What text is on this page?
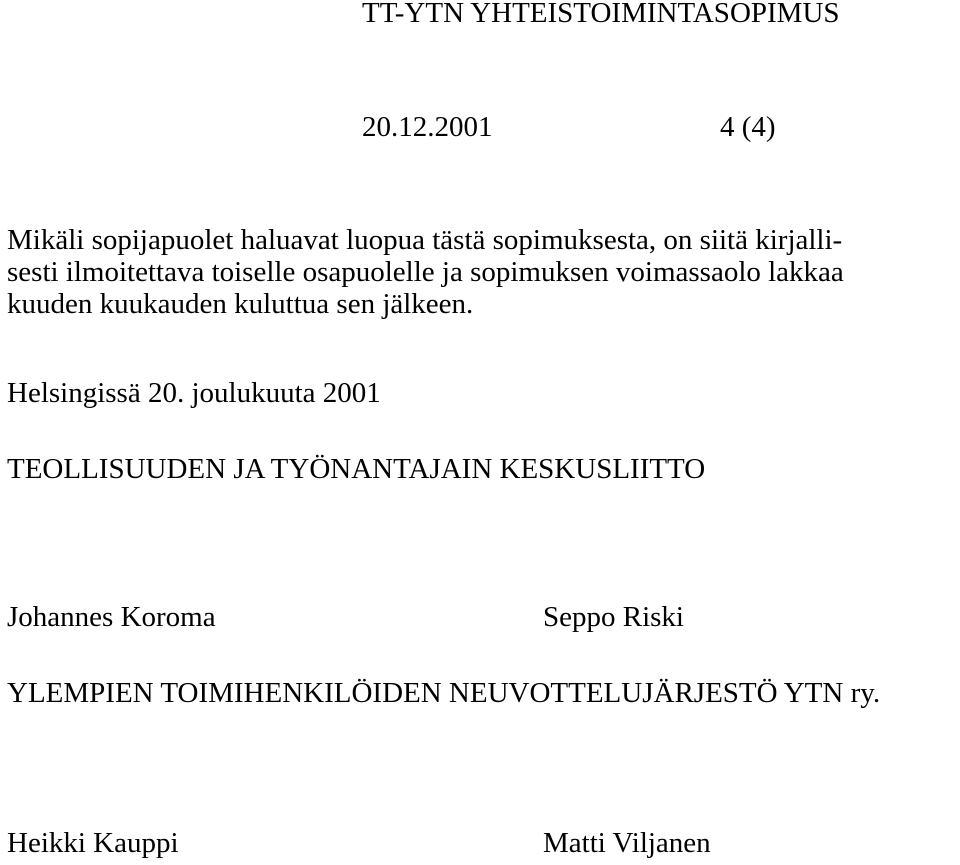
TT-YTN YHTEISTOIMINTASOPIMUS
20.12.2001	4 (4)

Mikäli sopijapuolet haluavat luopua tästä sopimuksesta, on siitä kirjalli-
sesti ilmoitettava toiselle osapuolelle ja sopimuksen voimassaolo lakkaa
kuuden kuukauden kuluttua sen jälkeen.

Helsingissä 20. joulukuuta 2001
TEOLLISUUDEN JA TYÖNANTAJAIN KESKUSLIITTO
Johannes Koroma	Seppo Riski
YLEMPIEN TOIMIHENKILÖIDEN NEUVOTTELUJÄRJESTÖ YTN ry.
Heikki Kauppi	Matti Viljanen
